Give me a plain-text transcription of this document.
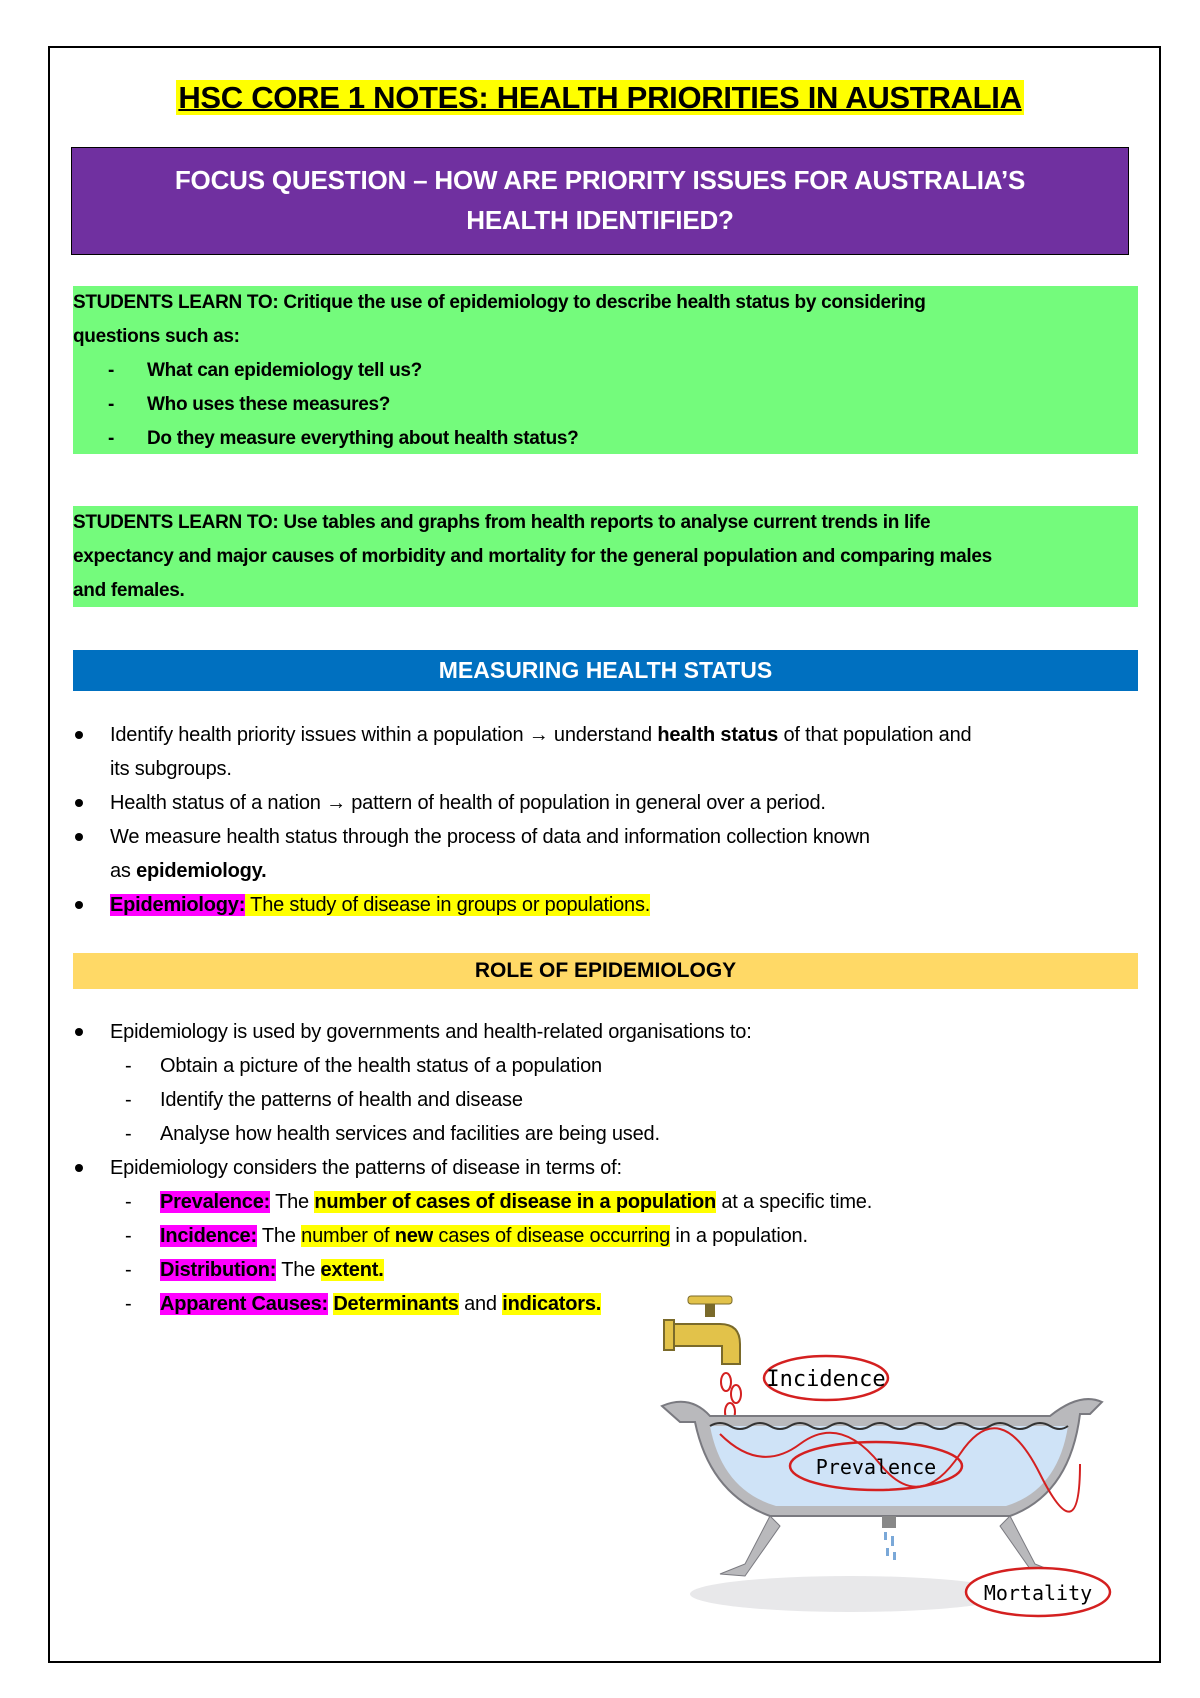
HSC CORE 1 NOTES: HEALTH PRIORITIES IN AUSTRALIA
FOCUS QUESTION – HOW ARE PRIORITY ISSUES FOR AUSTRALIA’S
HEALTH IDENTIFIED?
STUDENTS LEARN TO: Critique the use of epidemiology to describe health status by considering
questions such as:
-	What can epidemiology tell us?
-	Who uses these measures?
-	Do they measure everything about health status?
STUDENTS LEARN TO: Use tables and graphs from health reports to analyse current trends in life
expectancy and major causes of morbidity and mortality for the general population and comparing males
and females.
MEASURING HEALTH STATUS
Identify health priority issues within a population → understand health status of that population and
its subgroups.
Health status of a nation → pattern of health of population in general over a period.
We measure health status through the process of data and information collection known
as epidemiology.
Epidemiology: The study of disease in groups or populations.
ROLE OF EPIDEMIOLOGY
Epidemiology is used by governments and health-related organisations to:
-	Obtain a picture of the health status of a population
-	Identify the patterns of health and disease
-	Analyse how health services and facilities are being used.
Epidemiology considers the patterns of disease in terms of:
-	Prevalence: The number of cases of disease in a population at a specific time.
-	Incidence: The number of new cases of disease occurring in a population.
-	Distribution: The extent.
-	Apparent Causes: Determinants and indicators.
Incidence
Prevalence
Mortality
